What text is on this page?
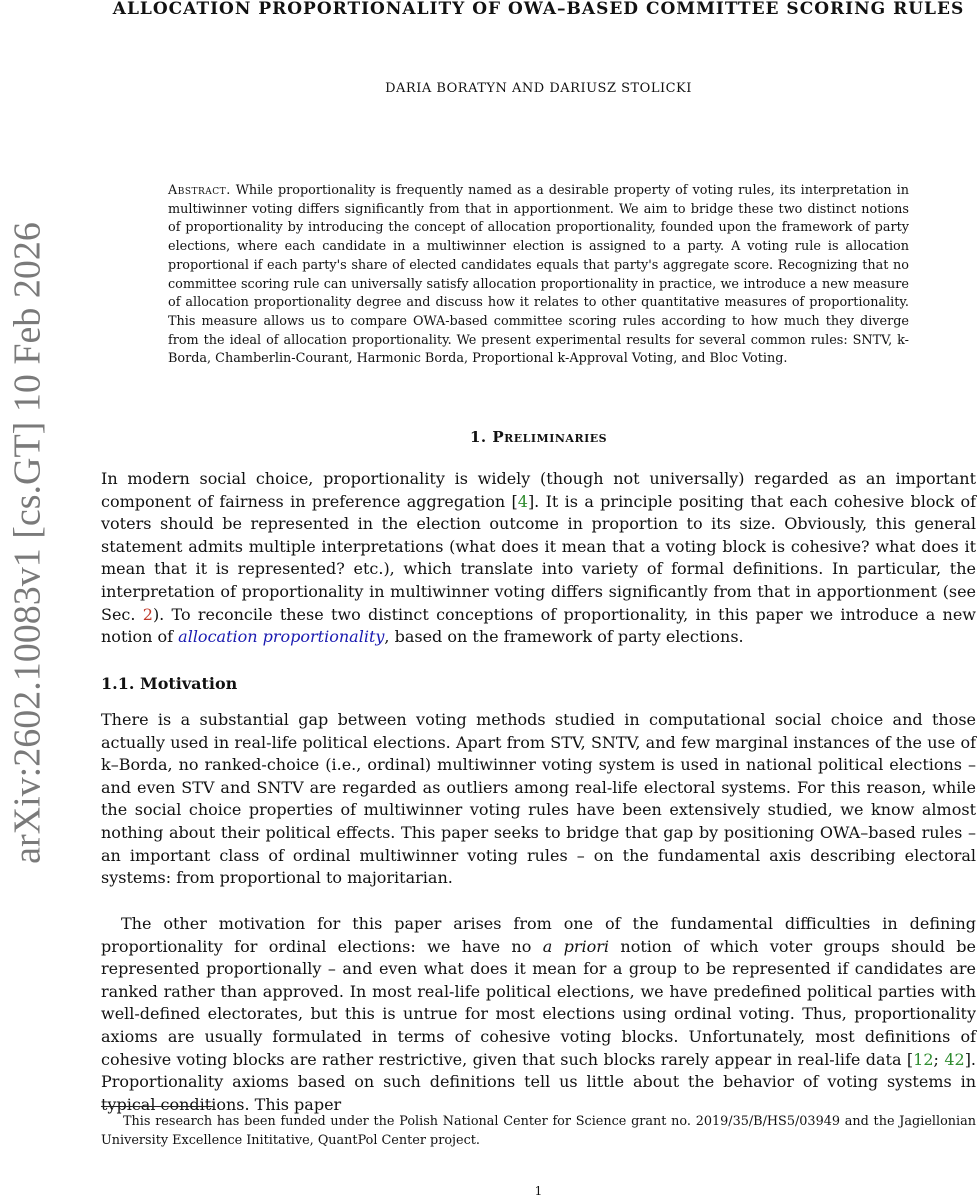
ALLOCATION PROPORTIONALITY OF OWA–BASED COMMITTEE SCORING RULES

DARIA BORATYN AND DARIUSZ STOLICKI

arXiv:2602.10083v1 [cs.GT] 10 Feb 2026

Abstract. While proportionality is frequently named as a desirable property of voting rules, its interpretation in multiwinner voting differs significantly from that in apportionment. We aim to bridge these two distinct notions of proportionality by introducing the concept of allocation proportionality, founded upon the framework of party elections, where each candidate in a multiwinner election is assigned to a party. A voting rule is allocation proportional if each party's share of elected candidates equals that party's aggregate score. Recognizing that no committee scoring rule can universally satisfy allocation proportionality in practice, we introduce a new measure of allocation proportionality degree and discuss how it relates to other quantitative measures of proportionality. This measure allows us to compare OWA-based committee scoring rules according to how much they diverge from the ideal of allocation proportionality. We present experimental results for several common rules: SNTV, k-Borda, Chamberlin-Courant, Harmonic Borda, Proportional k-Approval Voting, and Bloc Voting.

1. Preliminaries

In modern social choice, proportionality is widely (though not universally) regarded as an important component of fairness in preference aggregation [4]. It is a principle positing that each cohesive block of voters should be represented in the election outcome in proportion to its size. Obviously, this general statement admits multiple interpretations (what does it mean that a voting block is cohesive? what does it mean that it is represented? etc.), which translate into variety of formal definitions. In particular, the interpretation of proportionality in multiwinner voting differs significantly from that in apportionment (see Sec. 2). To reconcile these two distinct conceptions of proportionality, in this paper we introduce a new notion of allocation proportionality, based on the framework of party elections.

1.1. Motivation

There is a substantial gap between voting methods studied in computational social choice and those actually used in real-life political elections. Apart from STV, SNTV, and few marginal instances of the use of k–Borda, no ranked-choice (i.e., ordinal) multiwinner voting system is used in national political elections – and even STV and SNTV are regarded as outliers among real-life electoral systems. For this reason, while the social choice properties of multiwinner voting rules have been extensively studied, we know almost nothing about their political effects. This paper seeks to bridge that gap by positioning OWA–based rules – an important class of ordinal multiwinner voting rules – on the fundamental axis describing electoral systems: from proportional to majoritarian.

The other motivation for this paper arises from one of the fundamental difficulties in defining proportionality for ordinal elections: we have no a priori notion of which voter groups should be represented proportionally – and even what does it mean for a group to be represented if candidates are ranked rather than approved. In most real-life political elections, we have predefined political parties with well-defined electorates, but this is untrue for most elections using ordinal voting. Thus, proportionality axioms are usually formulated in terms of cohesive voting blocks. Unfortunately, most definitions of cohesive voting blocks are rather restrictive, given that such blocks rarely appear in real-life data [12; 42]. Proportionality axioms based on such definitions tell us little about the behavior of voting systems in typical conditions. This paper

This research has been funded under the Polish National Center for Science grant no. 2019/35/B/HS5/03949 and the Jagiellonian University Excellence Inititative, QuantPol Center project.

1
